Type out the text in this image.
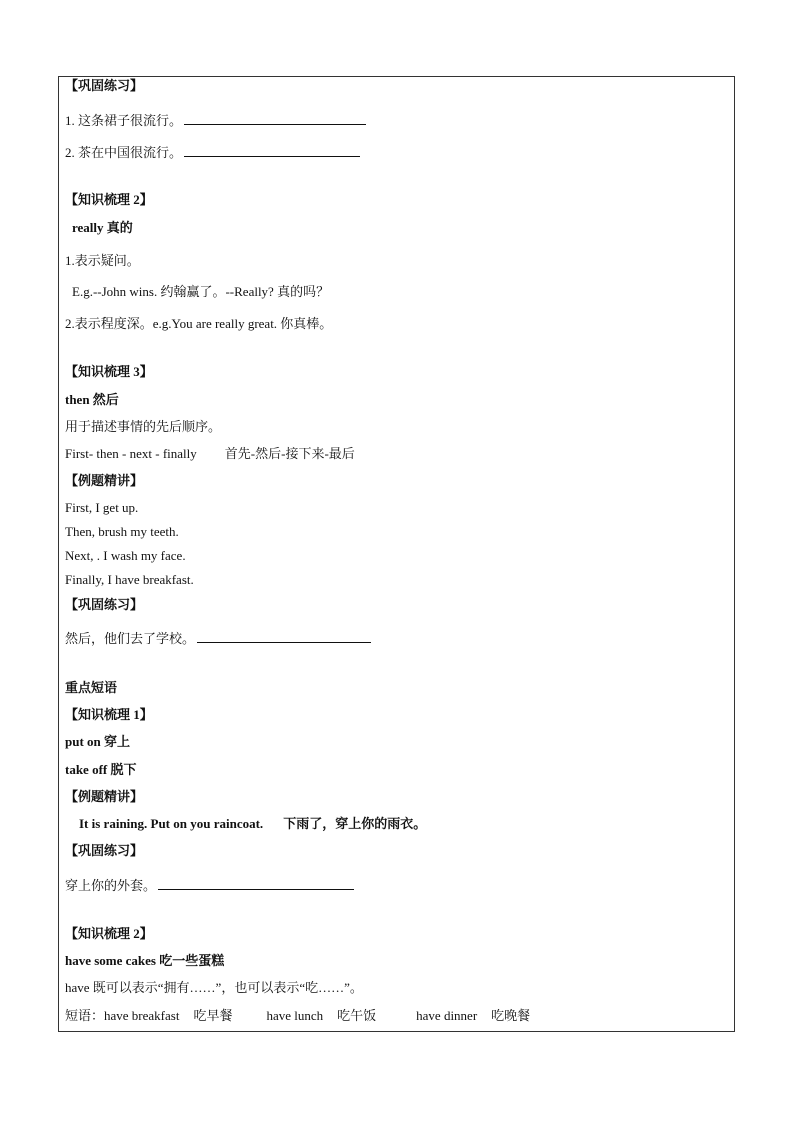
【巩固练习】
1. 这条裙子很流行。
2. 茶在中国很流行。
【知识梳理 2】
really 真的
1.表示疑问。
E.g.--John wins. 约翰赢了。--Really? 真的吗？
2.表示程度深。e.g.You are really great. 你真棒。
【知识梳理 3】
then 然后
用于描述事情的先后顺序。
First- then - next - finally 首先-然后-接下来-最后
【例题精讲】
First, I get up.
Then, brush my teeth.
Next, . I wash my face.
Finally, I have breakfast.
【巩固练习】
然后，他们去了学校。
重点短语
【知识梳理 1】
put on 穿上
take off 脱下
【例题精讲】
It is raining. Put on you raincoat. 下雨了，穿上你的雨衣。
【巩固练习】
穿上你的外套。
【知识梳理 2】
have some cakes 吃一些蛋糕
have 既可以表示“拥有……”，也可以表示“吃……”。
短语：have breakfast 吃早餐	have lunch 吃午饭	have dinner 吃晚餐
